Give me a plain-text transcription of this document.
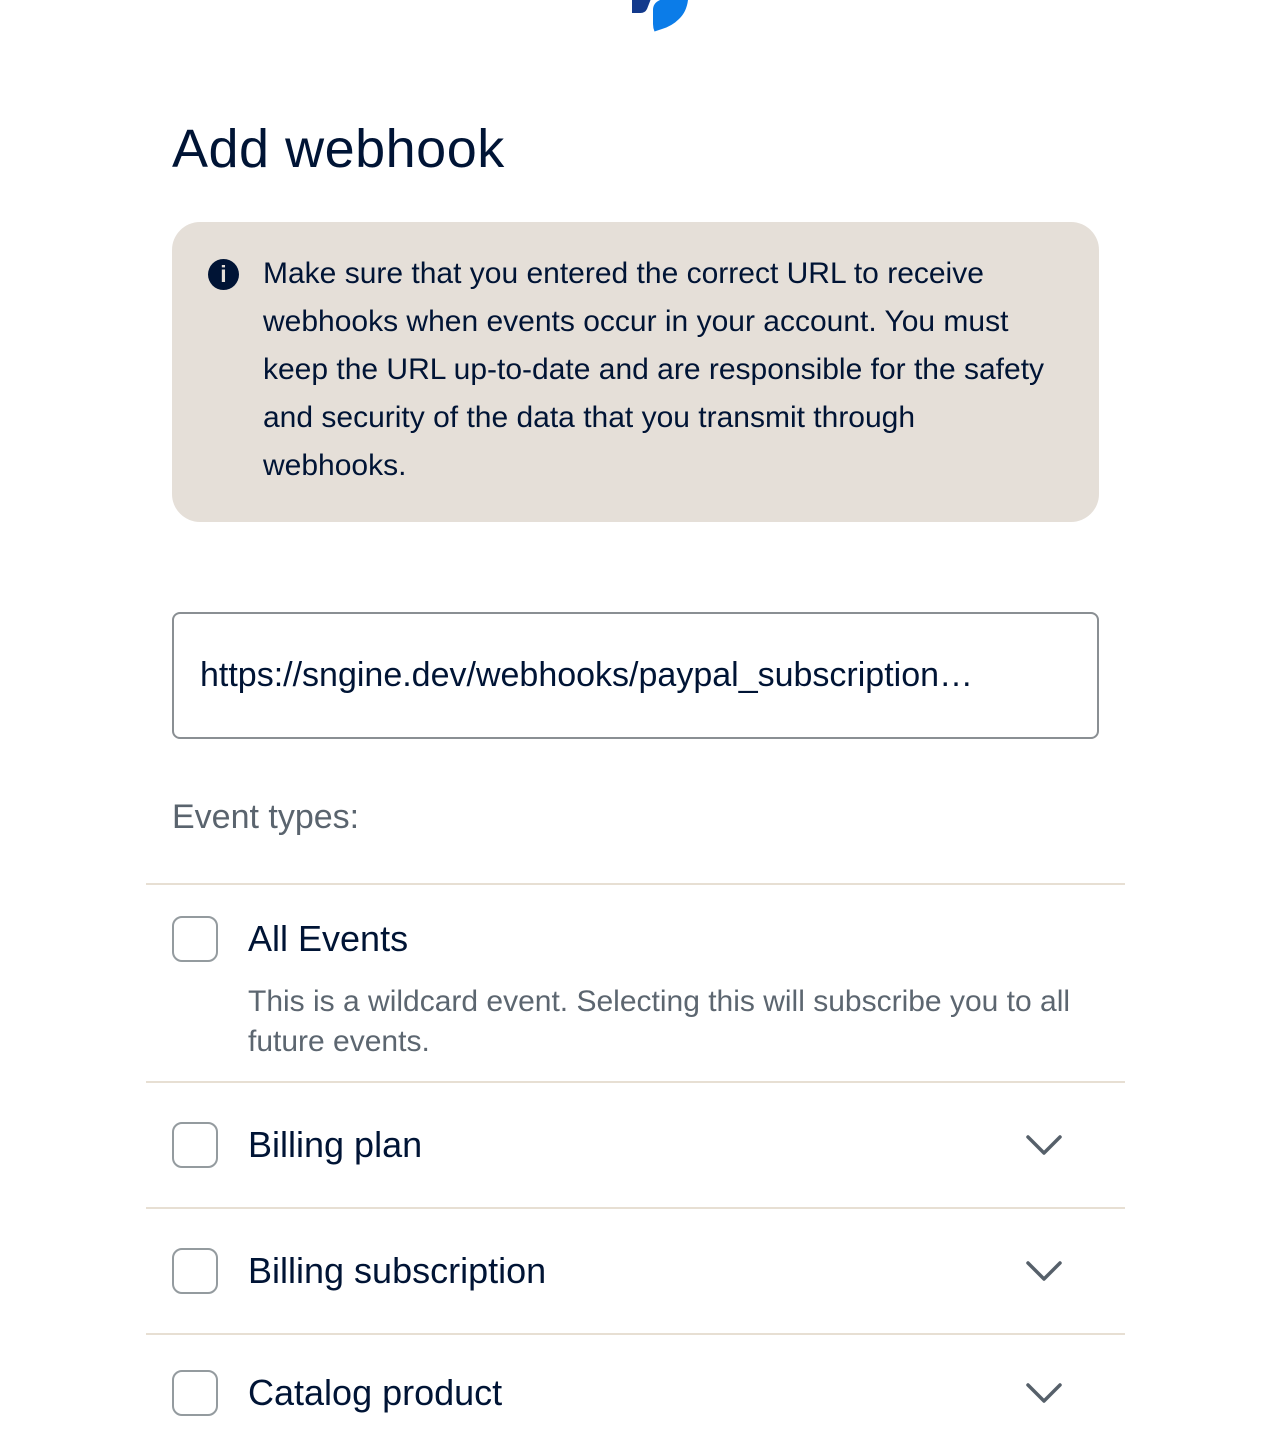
Add webhook
i	Make sure that you entered the correct URL to receive webhooks when events occur in your account. You must keep the URL up-to-date and are responsible for the safety and security of the data that you transmit through webhooks.
https://sngine.dev/webhooks/paypal_subscription…
Event types:
All Events
This is a wildcard event. Selecting this will subscribe you to all future events.
Billing plan
Billing subscription
Catalog product
